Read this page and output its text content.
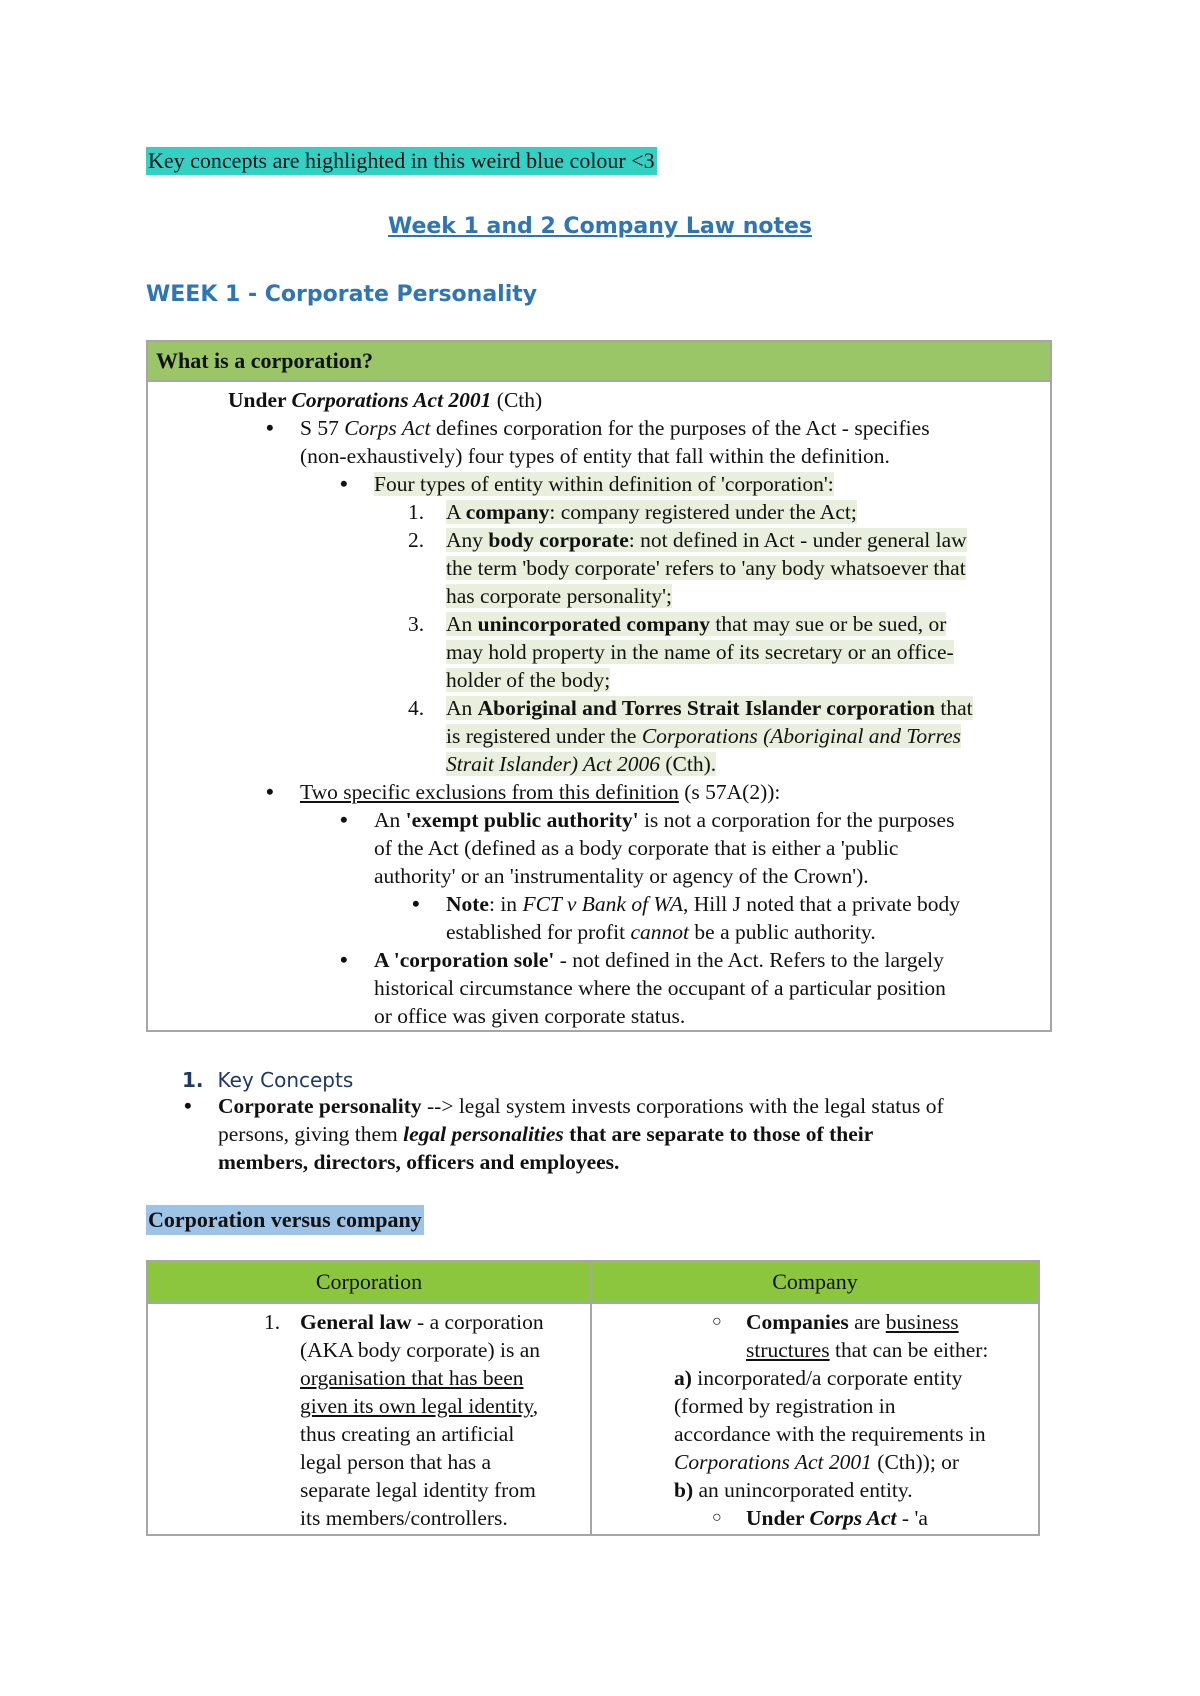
Key concepts are highlighted in this weird blue colour <3
Week 1 and 2 Company Law notes
WEEK 1 - Corporate Personality
What is a corporation?
Under Corporations Act 2001 (Cth)
• S 57 Corps Act defines corporation for the purposes of the Act - specifies
(non-exhaustively) four types of entity that fall within the definition.
• Four types of entity within definition of 'corporation':
1. A company: company registered under the Act;
2. Any body corporate: not defined in Act - under general law
the term 'body corporate' refers to 'any body whatsoever that
has corporate personality';
3. An unincorporated company that may sue or be sued, or
may hold property in the name of its secretary or an office-
holder of the body;
4. An Aboriginal and Torres Strait Islander corporation that
is registered under the Corporations (Aboriginal and Torres
Strait Islander) Act 2006 (Cth).
• Two specific exclusions from this definition (s 57A(2)):
• An 'exempt public authority' is not a corporation for the purposes
of the Act (defined as a body corporate that is either a 'public
authority' or an 'instrumentality or agency of the Crown').
• Note: in FCT v Bank of WA, Hill J noted that a private body
established for profit cannot be a public authority.
• A 'corporation sole' - not defined in the Act. Refers to the largely
historical circumstance where the occupant of a particular position
or office was given corporate status.
1. Key Concepts
• Corporate personality --> legal system invests corporations with the legal status of
persons, giving them legal personalities that are separate to those of their
members, directors, officers and employees.
Corporation versus company
Corporation	Company
1. General law - a corporation
(AKA body corporate) is an
organisation that has been
given its own legal identity,
thus creating an artificial
legal person that has a
separate legal identity from
its members/controllers.
○ Companies are business
structures that can be either:
a) incorporated/a corporate entity
(formed by registration in
accordance with the requirements in
Corporations Act 2001 (Cth)); or
b) an unincorporated entity.
○ Under Corps Act - 'a
